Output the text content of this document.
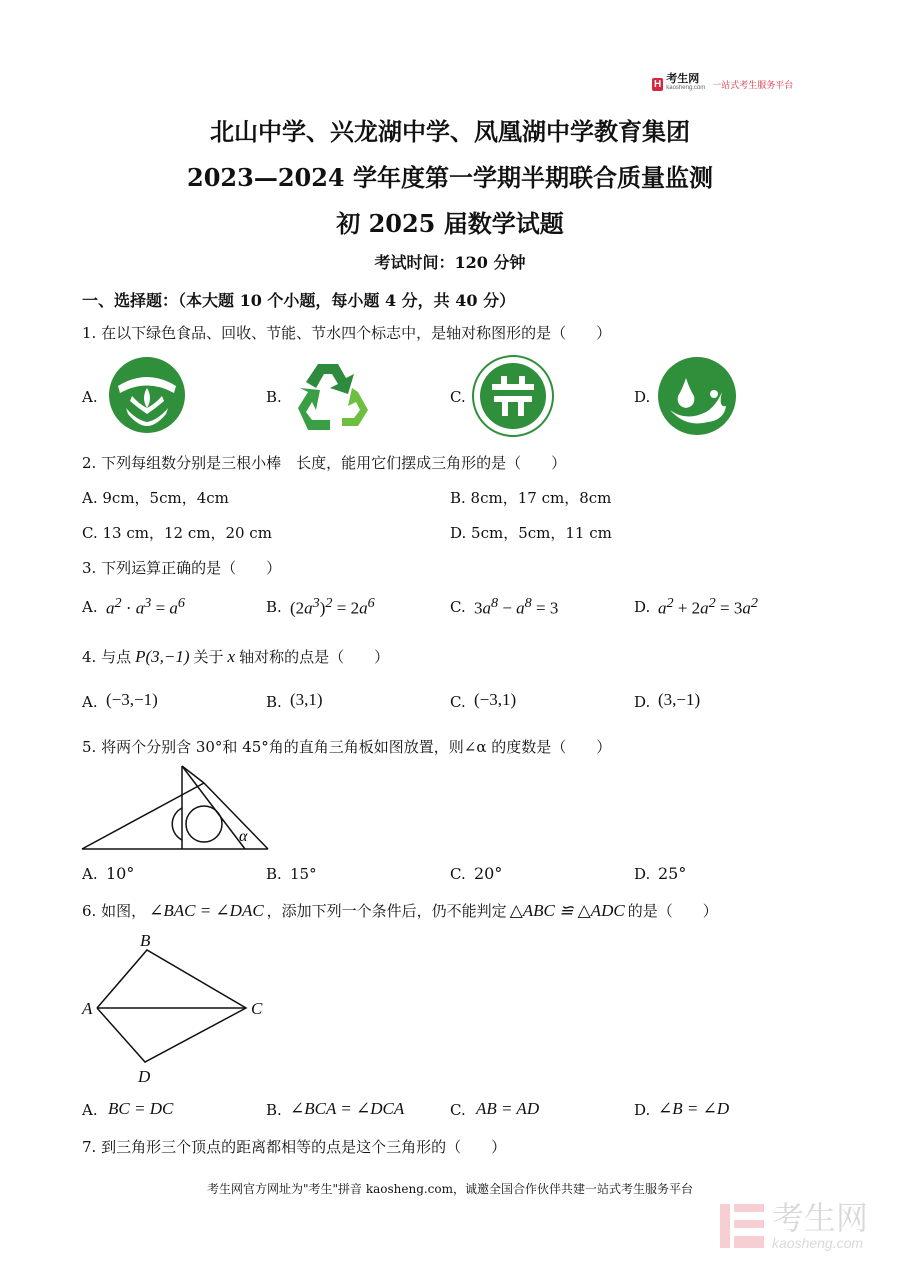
H 考生网
kaosheng.com 一站式考生服务平台
北山中学、兴龙湖中学、凤凰湖中学教育集团
2023—2024 学年度第一学期半期联合质量监测
初 2025 届数学试题
考试时间：120 分钟
一、选择题：（本大题 10 个小题，每小题 4 分，共 40 分）
1. 在以下绿色食品、回收、节能、节水四个标志中，是轴对称图形的是（　　）
A.	B.	C.	D.
2. 下列每组数分别是三根小棒　长度，能用它们摆成三角形的是（　　）
A. 9cm，5cm，4cm	B. 8cm，17 cm，8cm
C. 13 cm，12 cm，20 cm	D. 5cm，5cm，11 cm
3. 下列运算正确的是（　　）
A. $a^2 \cdot a^3 = a^6$	B. $(2a^3)^2 = 2a^6$	C. $3a^8 - a^8 = 3$	D. $a^2 + 2a^2 = 3a^2$
4. 与点 P(3,−1) 关于 x 轴对称的点是（　　）
A. (−3,−1)	B. (3,1)	C. (−3,1)	D. (3,−1)
5. 将两个分别含 30°和 45°角的直角三角板如图放置，则∠α 的度数是（　　）
α
A. 10°	B. 15°	C. 20°	D. 25°
6. 如图， ∠BAC = ∠DAC ，添加下列一个条件后，仍不能判定 △ABC ≌ △ADC 的是（　　）
B
A	C
D
A. BC = DC	B. ∠BCA = ∠DCA	C. AB = AD	D. ∠B = ∠D
7. 到三角形三个顶点的距离都相等的点是这个三角形的（　　）
考生网官方网址为"考生"拼音 kaosheng.com，诚邀全国合作伙伴共建一站式考生服务平台
考生网
kaosheng.com
